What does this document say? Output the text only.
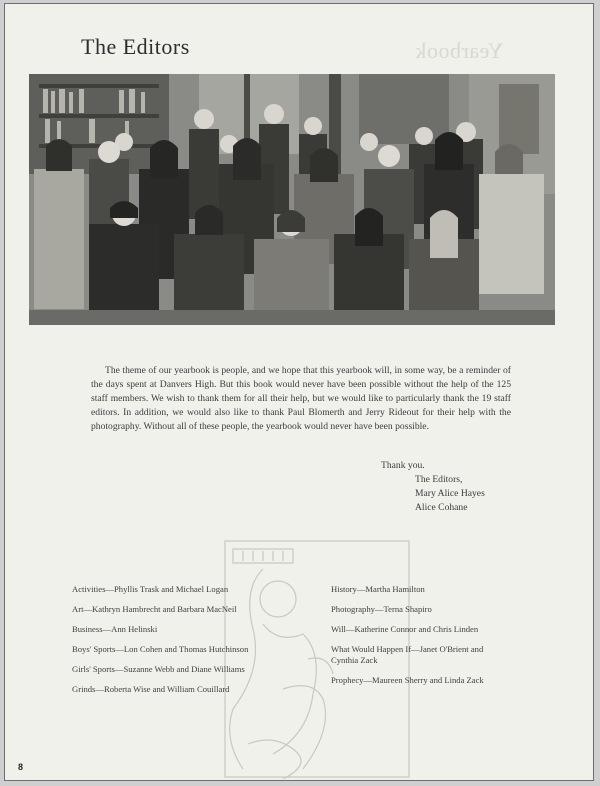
Yearbook
The Editors

The theme of our yearbook is people, and we hope that this yearbook will, in some way, be a reminder of the days spent at Danvers High. But this book would never have been possible without the help of the 125 staff members. We wish to thank them for all their help, but we would like to particularly thank the 19 staff editors. In addition, we would also like to thank Paul Blomerth and Jerry Rideout for their help with the photography. Without all of these people, the yearbook would never have been possible.

Thank you.
The Editors,
Mary Alice Hayes
Alice Cohane
Activities—Phyllis Trask and Michael Logan
Art—Kathryn Hambrecht and Barbara MacNeil
Business—Ann Helinski
Boys' Sports—Lon Cohen and Thomas Hutchinson
Girls' Sports—Suzanne Webb and Diane Williams
Grinds—Roberta Wise and William Couillard
History—Martha Hamilton
Photography—Terna Shapiro
Will—Katherine Connor and Chris Linden
What Would Happen If—Janet O'Brient and Cynthia Zack
Prophecy—Maureen Sherry and Linda Zack
8
